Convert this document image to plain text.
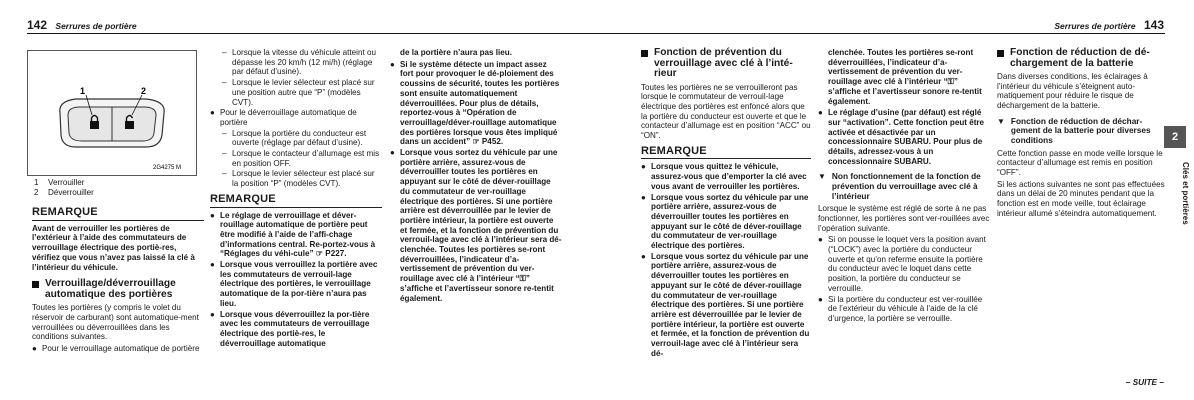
142 Serrures de portière
1	2
2G4275 M
1 Verrouiller
2 Déverrouiller
REMARQUE

Avant de verrouiller les portières de l’extérieur à l’aide des commutateurs de verrouillage électrique des portiè-res, vérifiez que vous n’avez pas laissé la clé à l’intérieur du véhicule.

Verrouillage/déverrouillage automatique des portières

Toutes les portières (y compris le volet du réservoir de carburant) sont automatique-ment verrouillées ou déverrouillées dans les conditions suivantes.

● Pour le verrouillage automatique de portière
– Lorsque la vitesse du véhicule atteint ou dépasse les 20 km/h (12 mi/h) (réglage par défaut d’usine).
– Lorsque le levier sélecteur est placé sur une position autre que “P” (modèles CVT).
● Pour le déverrouillage automatique de portière
– Lorsque la portière du conducteur est ouverte (réglage par défaut d’usine).
– Lorsque le contacteur d’allumage est mis en position OFF.
– Lorsque le levier sélecteur est placé sur la position “P” (modèles CVT).
REMARQUE
● Le réglage de verrouillage et déver-rouillage automatique de portière peut être modifié à l’aide de l’affi-chage d’informations central. Re-portez-vous à “Réglages du véhi-cule” ☞ P227.
● Lorsque vous verrouillez la portière avec les commutateurs de verrouil-lage électrique des portières, le verrouillage automatique de la por-tière n’aura pas lieu.
● Lorsque vous déverrouillez la por-tière avec les commutateurs de verrouillage électrique des portiè-res, le déverrouillage automatique

de la portière n’aura pas lieu.

● Si le système détecte un impact assez fort pour provoquer le dé-ploiement des coussins de sécurité, toutes les portières sont ensuite automatiquement déverrouillées. Pour plus de détails, reportez-vous à “Opération de verrouillage/déver-rouillage automatique des portières lorsque vous êtes impliqué dans un accident” ☞ P452.
● Lorsque vous sortez du véhicule par une portière arrière, assurez-vous de déverrouiller toutes les portières en appuyant sur le côté de déver-rouillage du commutateur de ver-rouillage électrique des portières. Si une portière arrière est déverrouillée par le levier de portière intérieur, la portière est ouverte et fermée, et la fonction de prévention du verrouil-lage avec clé à l’intérieur sera dé-clenchée. Toutes les portières se-ront déverrouillées, l’indicateur d’a-vertissement de prévention du ver-rouillage avec clé à l’intérieur “⚿” s’affiche et l’avertisseur sonore re-tentit également.
Serrures de portière 143
Fonction de prévention du verrouillage avec clé à l’inté-rieur

Toutes les portières ne se verrouilleront pas lorsque le commutateur de verrouil-lage électrique des portières est enfoncé alors que la portière du conducteur est ouverte et que le contacteur d’allumage est en position “ACC” ou “ON”.

REMARQUE
● Lorsque vous quittez le véhicule, assurez-vous que d’emporter la clé avec vous avant de verrouiller les portières.
● Lorsque vous sortez du véhicule par une portière arrière, assurez-vous de déverrouiller toutes les portières en appuyant sur le côté de déver-rouillage du commutateur de ver-rouillage électrique des portières.
● Lorsque vous sortez du véhicule par une portière arrière, assurez-vous de déverrouiller toutes les portières en appuyant sur le côté de déver-rouillage du commutateur de ver-rouillage électrique des portières. Si une portière arrière est déverrouillée par le levier de portière intérieur, la portière est ouverte et fermée, et la fonction de prévention du verrouil-lage avec clé à l’intérieur sera dé-

clenchée. Toutes les portières se-ront déverrouillées, l’indicateur d’a-vertissement de prévention du ver-rouillage avec clé à l’intérieur “⚿” s’affiche et l’avertisseur sonore re-tentit également.

● Le réglage d’usine (par défaut) est réglé sur “activation”. Cette fonction peut être activée et désactivée par un concessionnaire SUBARU. Pour plus de détails, adressez-vous à un concessionnaire SUBARU.
▼ Non fonctionnement de la fonction de prévention du verrouillage avec clé à l’intérieur

Lorsque le système est réglé de sorte à ne pas fonctionner, les portières sont ver-rouillées avec l’opération suivante.

● Si on pousse le loquet vers la position avant (“LOCK”) avec la portière du conducteur ouverte et qu’on referme ensuite la portière du conducteur avec le loquet dans cette position, la portière du conducteur se verrouille.
● Si la portière du conducteur est ver-rouillée de l’extérieur du véhicule à l’aide de la clé d’urgence, la portière se verrouille.
Fonction de réduction de dé-chargement de la batterie

Dans diverses conditions, les éclairages à l’intérieur du véhicule s’éteignent auto-matiquement pour réduire le risque de déchargement de la batterie.

▼ Fonction de réduction de déchar-gement de la batterie pour diverses conditions

Cette fonction passe en mode veille lorsque le contacteur d’allumage est remis en position “OFF”.

Si les actions suivantes ne sont pas effectuées dans un délai de 20 minutes pendant que la fonction est en mode veille, tout éclairage intérieur allumé s’éteindra automatiquement.

2
Clés et portières
– SUITE –
